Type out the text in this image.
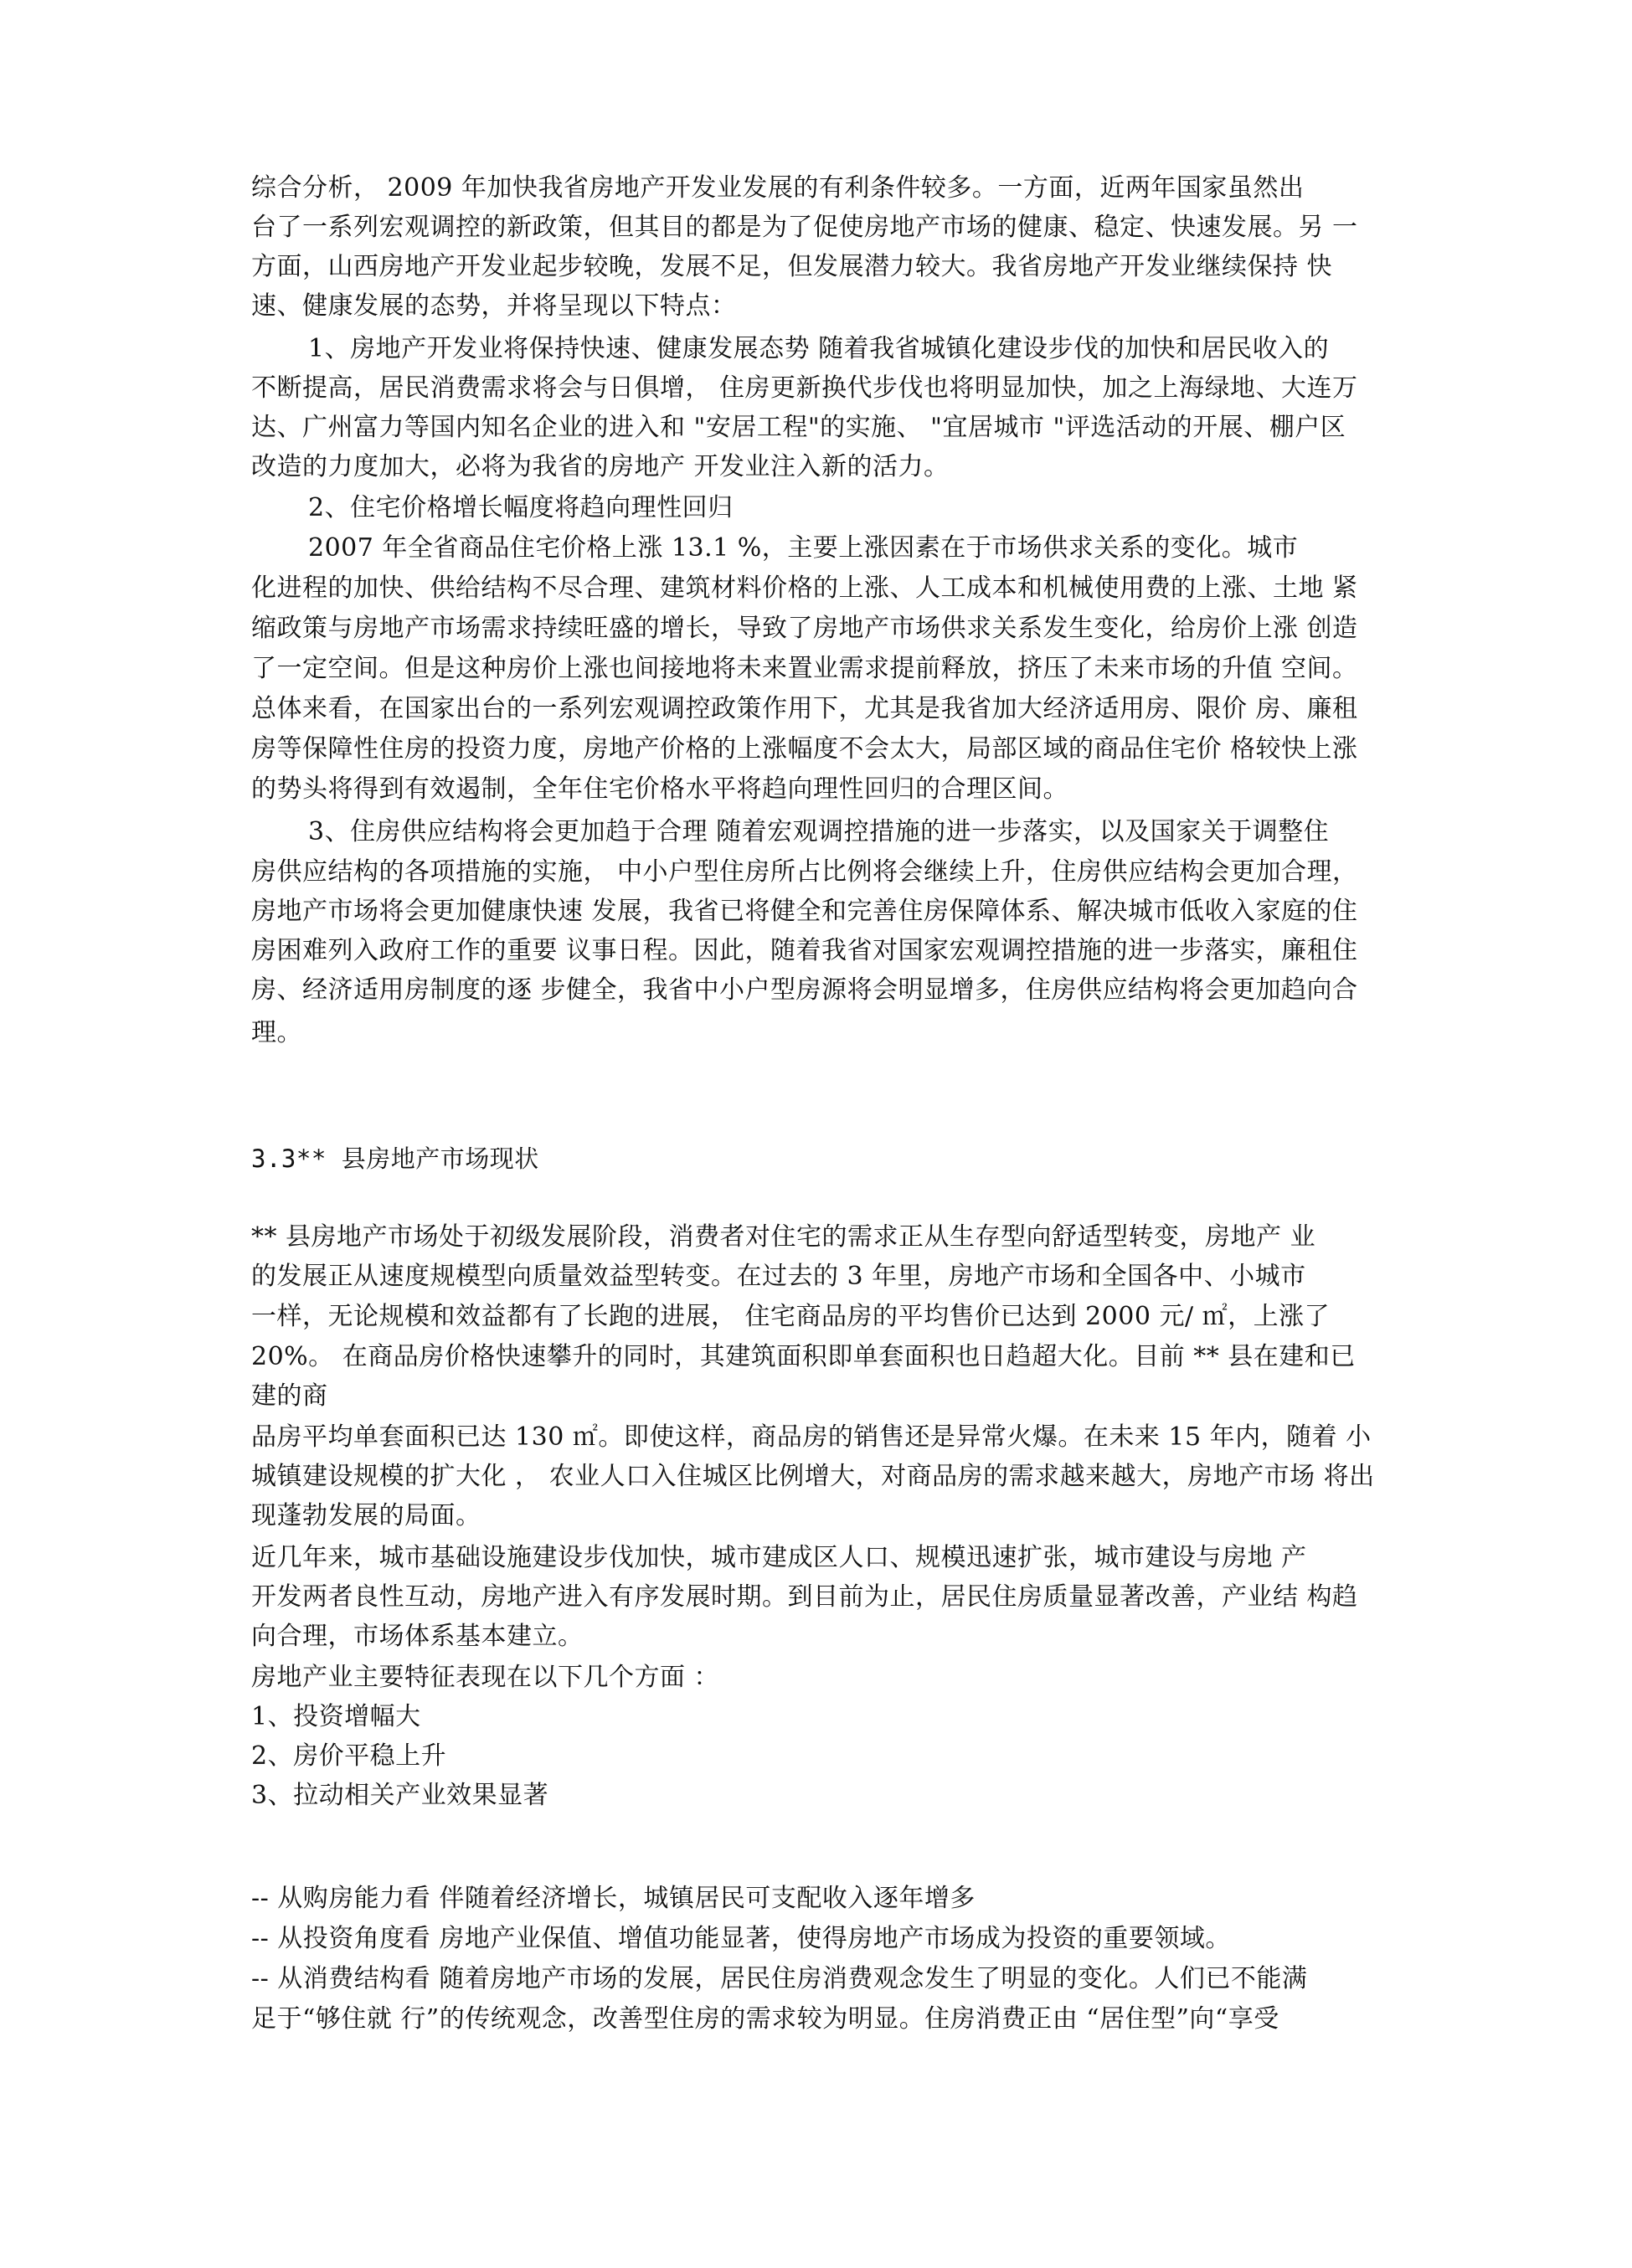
综合分析， 2009 年加快我省房地产开发业发展的有利条件较多。一方面，近两年国家虽然出
台了一系列宏观调控的新政策，但其目的都是为了促使房地产市场的健康、稳定、快速发展。另 一
方面，山西房地产开发业起步较晚，发展不足，但发展潜力较大。我省房地产开发业继续保持 快
速、健康发展的态势，并将呈现以下特点：
1、房地产开发业将保持快速、健康发展态势 随着我省城镇化建设步伐的加快和居民收入的
不断提高，居民消费需求将会与日俱增， 住房更新换代步伐也将明显加快，加之上海绿地、大连万
达、广州富力等国内知名企业的进入和 "安居工程"的实施、 "宜居城市 "评选活动的开展、棚户区
改造的力度加大，必将为我省的房地产 开发业注入新的活力。
2、住宅价格增长幅度将趋向理性回归
2007 年全省商品住宅价格上涨 13.1 %，主要上涨因素在于市场供求关系的变化。城市
化进程的加快、供给结构不尽合理、建筑材料价格的上涨、人工成本和机械使用费的上涨、土地 紧
缩政策与房地产市场需求持续旺盛的增长，导致了房地产市场供求关系发生变化，给房价上涨 创造
了一定空间。但是这种房价上涨也间接地将未来置业需求提前释放，挤压了未来市场的升值 空间。
总体来看，在国家出台的一系列宏观调控政策作用下，尤其是我省加大经济适用房、限价 房、廉租
房等保障性住房的投资力度，房地产价格的上涨幅度不会太大，局部区域的商品住宅价 格较快上涨
的势头将得到有效遏制，全年住宅价格水平将趋向理性回归的合理区间。
3、住房供应结构将会更加趋于合理 随着宏观调控措施的进一步落实，以及国家关于调整住
房供应结构的各项措施的实施， 中小户型住房所占比例将会继续上升，住房供应结构会更加合理，
房地产市场将会更加健康快速 发展，我省已将健全和完善住房保障体系、解决城市低收入家庭的住
房困难列入政府工作的重要 议事日程。因此，随着我省对国家宏观调控措施的进一步落实，廉租住
房、经济适用房制度的逐 步健全，我省中小户型房源将会明显增多，住房供应结构将会更加趋向合
理。
3.3** 县房地产市场现状
** 县房地产市场处于初级发展阶段，消费者对住宅的需求正从生存型向舒适型转变，房地产 业
的发展正从速度规模型向质量效益型转变。在过去的 3 年里，房地产市场和全国各中、小城市
一样，无论规模和效益都有了长跑的进展， 住宅商品房的平均售价已达到 2000 元/ ㎡，上涨了
20%。 在商品房价格快速攀升的同时，其建筑面积即单套面积也日趋超大化。目前 ** 县在建和已
建的商
品房平均单套面积已达 130 ㎡。即使这样，商品房的销售还是异常火爆。在未来 15 年内，随着 小
城镇建设规模的扩大化 ， 农业人口入住城区比例增大，对商品房的需求越来越大，房地产市场 将出
现蓬勃发展的局面。
近几年来，城市基础设施建设步伐加快，城市建成区人口、规模迅速扩张，城市建设与房地 产
开发两者良性互动，房地产进入有序发展时期。到目前为止，居民住房质量显著改善，产业结 构趋
向合理，市场体系基本建立。
房地产业主要特征表现在以下几个方面 ：
1、投资增幅大
2、房价平稳上升
3、拉动相关产业效果显著
-- 从购房能力看 伴随着经济增长，城镇居民可支配收入逐年增多
-- 从投资角度看 房地产业保值、增值功能显著，使得房地产市场成为投资的重要领域。
-- 从消费结构看 随着房地产市场的发展，居民住房消费观念发生了明显的变化。人们已不能满
足于“够住就 行”的传统观念，改善型住房的需求较为明显。住房消费正由 “居住型”向“享受
